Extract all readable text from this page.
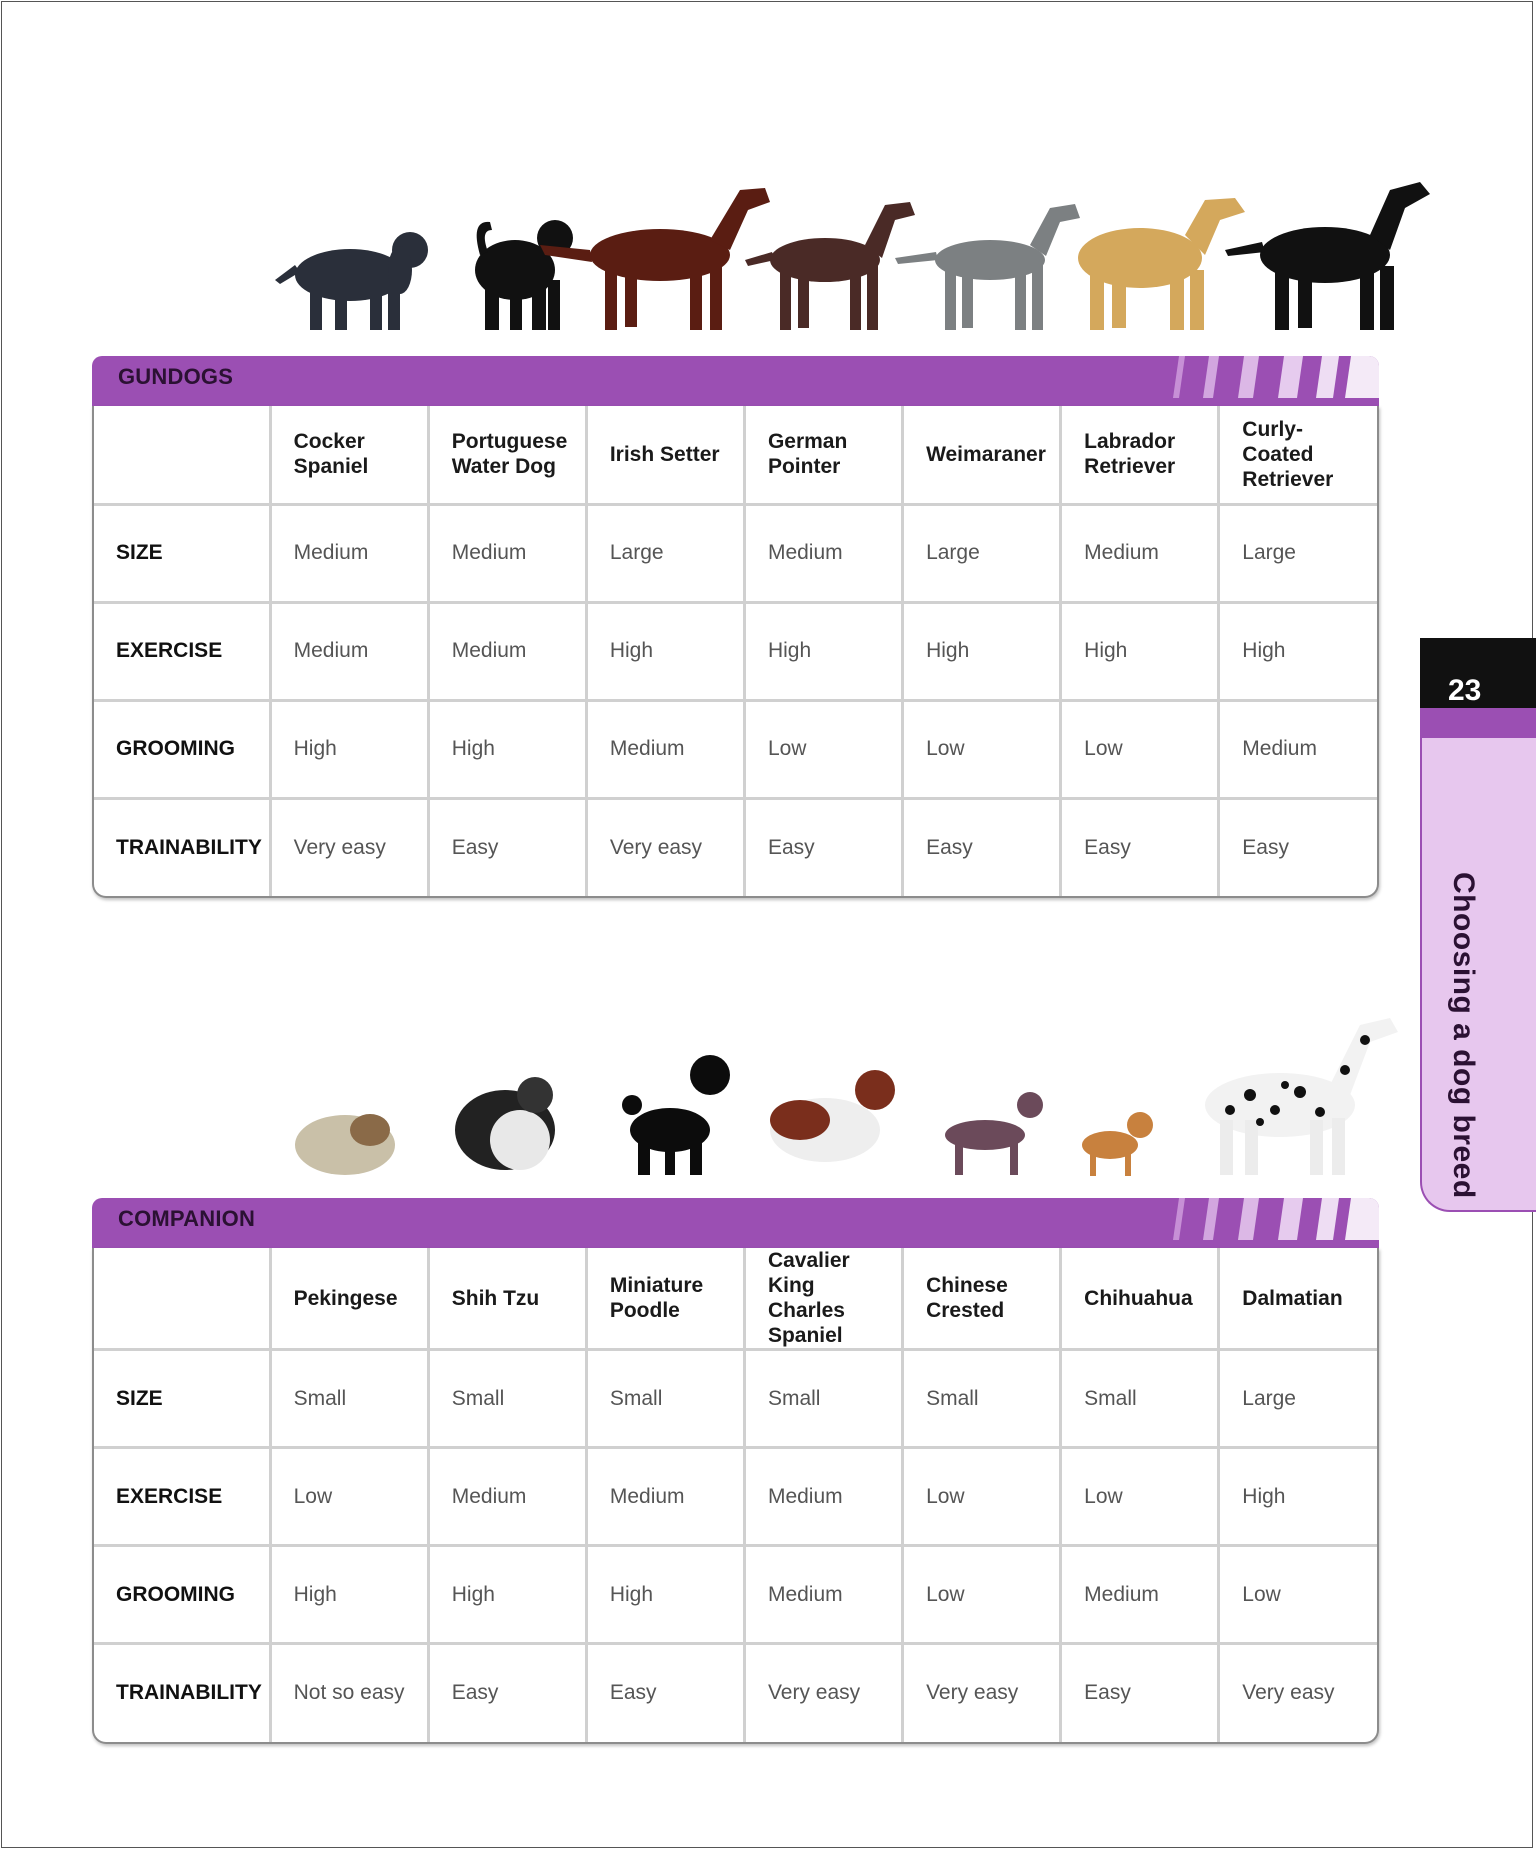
GUNDOGS
	Cocker Spaniel	Portuguese Water Dog	Irish Setter	German Pointer	Weimaraner	Labrador Retriever	Curly-Coated Retriever
SIZE	Medium	Medium	Large	Medium	Large	Medium	Large
EXERCISE	Medium	Medium	High	High	High	High	High
GROOMING	High	High	Medium	Low	Low	Low	Medium
TRAINABILITY	Very easy	Easy	Very easy	Easy	Easy	Easy	Easy
COMPANION
	Pekingese	Shih Tzu	Miniature Poodle	Cavalier King Charles Spaniel	Chinese Crested	Chihuahua	Dalmatian
SIZE	Small	Small	Small	Small	Small	Small	Large
EXERCISE	Low	Medium	Medium	Medium	Low	Low	High
GROOMING	High	High	High	Medium	Low	Medium	Low
TRAINABILITY	Not so easy	Easy	Easy	Very easy	Very easy	Easy	Very easy
23
Choosing a dog breed
